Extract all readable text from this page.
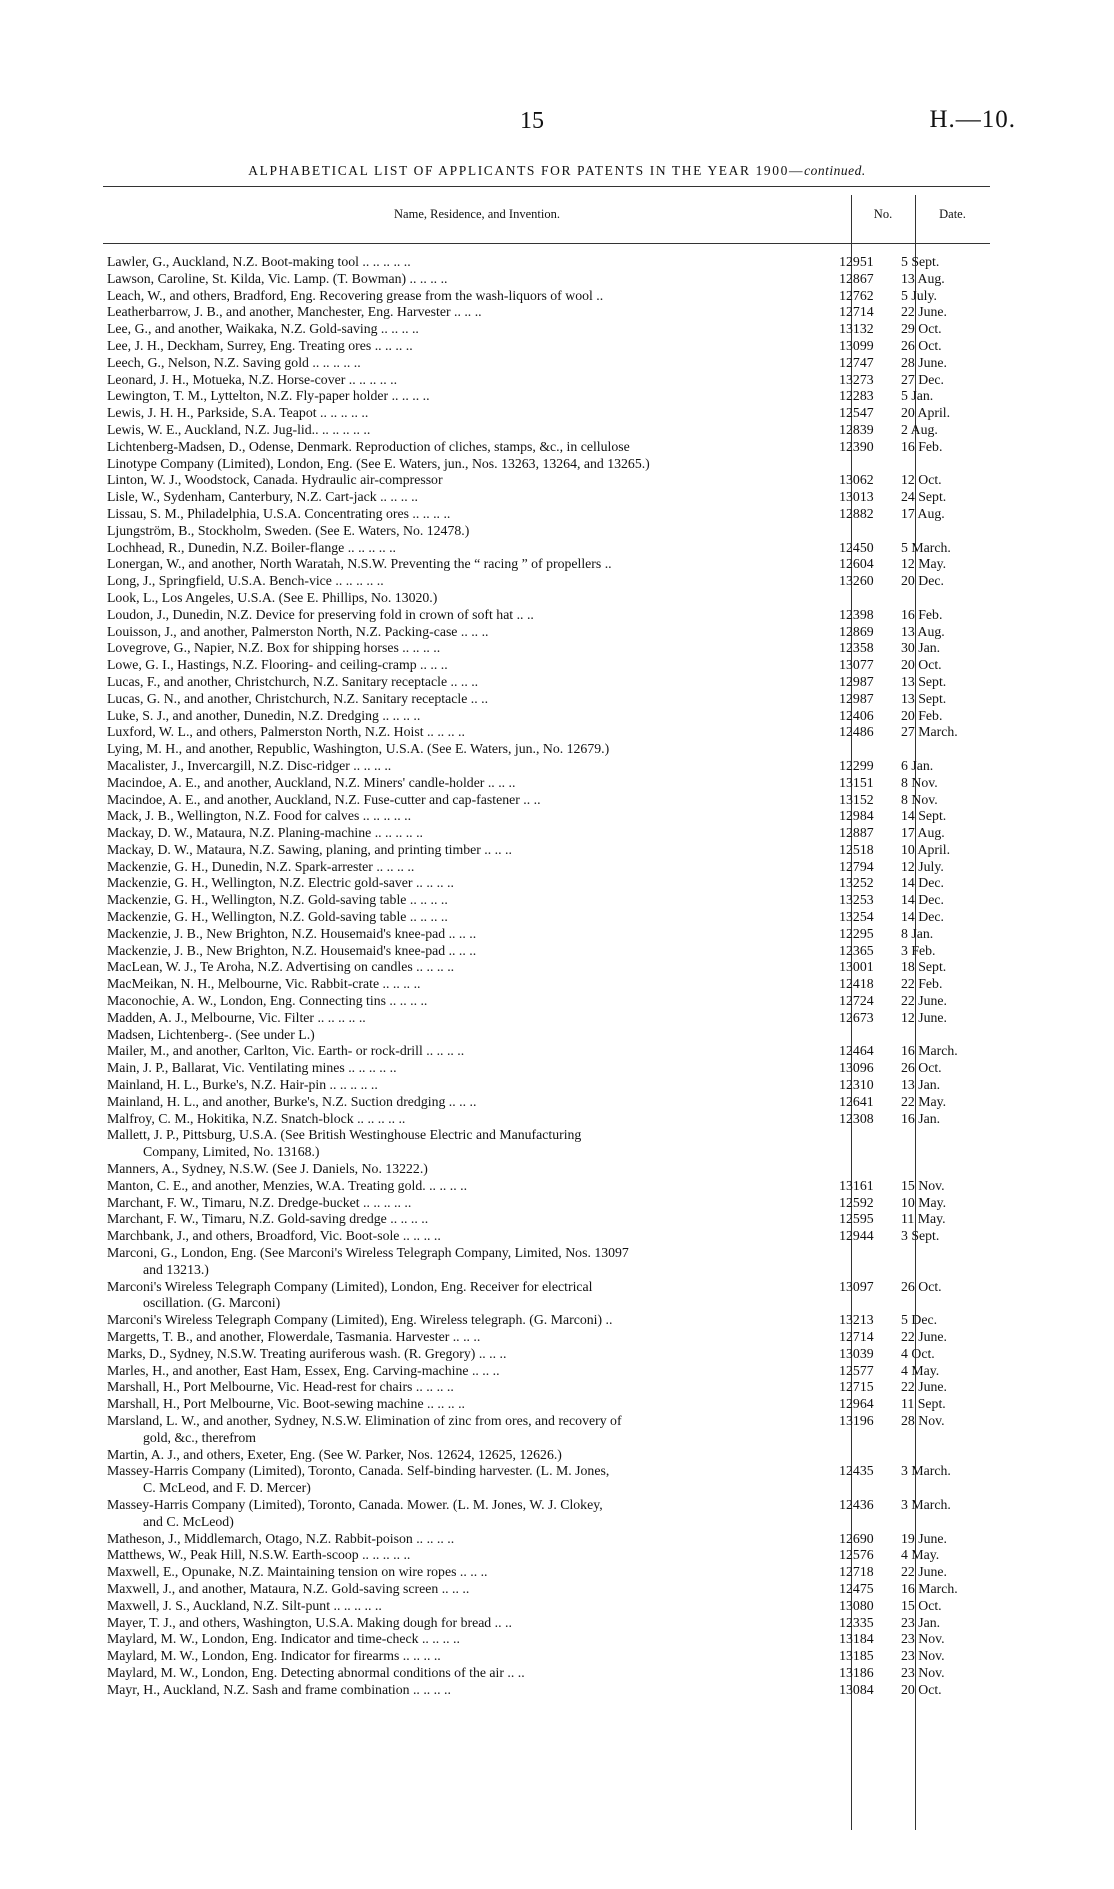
15	H.—10.
ALPHABETICAL LIST OF APPLICANTS FOR PATENTS IN THE YEAR 1900—continued.
Name, Residence, and Invention.	No.	Date.
Lawler, G., Auckland, N.Z. Boot-making tool .. .. .. .. ..	12951	5 Sept.
Lawson, Caroline, St. Kilda, Vic. Lamp. (T. Bowman) .. .. .. ..	12867	13 Aug.
Leach, W., and others, Bradford, Eng. Recovering grease from the wash-liquors of wool ..	12762	5 July.
Leatherbarrow, J. B., and another, Manchester, Eng. Harvester .. .. ..	12714	22 June.
Lee, G., and another, Waikaka, N.Z. Gold-saving .. .. .. ..	13132	29 Oct.
Lee, J. H., Deckham, Surrey, Eng. Treating ores .. .. .. ..	13099	26 Oct.
Leech, G., Nelson, N.Z. Saving gold .. .. .. .. ..	12747	28 June.
Leonard, J. H., Motueka, N.Z. Horse-cover .. .. .. .. ..	13273	27 Dec.
Lewington, T. M., Lyttelton, N.Z. Fly-paper holder .. .. .. ..	12283	5 Jan.
Lewis, J. H. H., Parkside, S.A. Teapot .. .. .. .. ..	12547	20 April.
Lewis, W. E., Auckland, N.Z. Jug-lid.. .. .. .. .. ..	12839	2 Aug.
Lichtenberg-Madsen, D., Odense, Denmark. Reproduction of cliches, stamps, &c., in cellulose	12390	16 Feb.
Linotype Company (Limited), London, Eng. (See E. Waters, jun., Nos. 13263, 13264, and 13265.)
Linton, W. J., Woodstock, Canada. Hydraulic air-compressor	13062	12 Oct.
Lisle, W., Sydenham, Canterbury, N.Z. Cart-jack .. .. .. ..	13013	24 Sept.
Lissau, S. M., Philadelphia, U.S.A. Concentrating ores .. .. .. ..	12882	17 Aug.
Ljungström, B., Stockholm, Sweden. (See E. Waters, No. 12478.)
Lochhead, R., Dunedin, N.Z. Boiler-flange .. .. .. .. ..	12450	5 March.
Lonergan, W., and another, North Waratah, N.S.W. Preventing the “ racing ” of propellers ..	12604	12 May.
Long, J., Springfield, U.S.A. Bench-vice .. .. .. .. ..	13260	20 Dec.
Look, L., Los Angeles, U.S.A. (See E. Phillips, No. 13020.)
Loudon, J., Dunedin, N.Z. Device for preserving fold in crown of soft hat .. ..	12398	16 Feb.
Louisson, J., and another, Palmerston North, N.Z. Packing-case .. .. ..	12869	13 Aug.
Lovegrove, G., Napier, N.Z. Box for shipping horses .. .. .. ..	12358	30 Jan.
Lowe, G. I., Hastings, N.Z. Flooring- and ceiling-cramp .. .. ..	13077	20 Oct.
Lucas, F., and another, Christchurch, N.Z. Sanitary receptacle .. .. ..	12987	13 Sept.
Lucas, G. N., and another, Christchurch, N.Z. Sanitary receptacle .. ..	12987	13 Sept.
Luke, S. J., and another, Dunedin, N.Z. Dredging .. .. .. ..	12406	20 Feb.
Luxford, W. L., and others, Palmerston North, N.Z. Hoist .. .. .. ..	12486	27 March.
Lying, M. H., and another, Republic, Washington, U.S.A. (See E. Waters, jun., No. 12679.)
Macalister, J., Invercargill, N.Z. Disc-ridger .. .. .. ..	12299	6 Jan.
Macindoe, A. E., and another, Auckland, N.Z. Miners' candle-holder .. .. ..	13151	8 Nov.
Macindoe, A. E., and another, Auckland, N.Z. Fuse-cutter and cap-fastener .. ..	13152	8 Nov.
Mack, J. B., Wellington, N.Z. Food for calves .. .. .. .. ..	12984	14 Sept.
Mackay, D. W., Mataura, N.Z. Planing-machine .. .. .. .. ..	12887	17 Aug.
Mackay, D. W., Mataura, N.Z. Sawing, planing, and printing timber .. .. ..	12518	10 April.
Mackenzie, G. H., Dunedin, N.Z. Spark-arrester .. .. .. ..	12794	12 July.
Mackenzie, G. H., Wellington, N.Z. Electric gold-saver .. .. .. ..	13252	14 Dec.
Mackenzie, G. H., Wellington, N.Z. Gold-saving table .. .. .. ..	13253	14 Dec.
Mackenzie, G. H., Wellington, N.Z. Gold-saving table .. .. .. ..	13254	14 Dec.
Mackenzie, J. B., New Brighton, N.Z. Housemaid's knee-pad .. .. ..	12295	8 Jan.
Mackenzie, J. B., New Brighton, N.Z. Housemaid's knee-pad .. .. ..	12365	3 Feb.
MacLean, W. J., Te Aroha, N.Z. Advertising on candles .. .. .. ..	13001	18 Sept.
MacMeikan, N. H., Melbourne, Vic. Rabbit-crate .. .. .. ..	12418	22 Feb.
Maconochie, A. W., London, Eng. Connecting tins .. .. .. ..	12724	22 June.
Madden, A. J., Melbourne, Vic. Filter .. .. .. .. ..	12673	12 June.
Madsen, Lichtenberg-. (See under L.)
Mailer, M., and another, Carlton, Vic. Earth- or rock-drill .. .. .. ..	12464	16 March.
Main, J. P., Ballarat, Vic. Ventilating mines .. .. .. .. ..	13096	26 Oct.
Mainland, H. L., Burke's, N.Z. Hair-pin .. .. .. .. ..	12310	13 Jan.
Mainland, H. L., and another, Burke's, N.Z. Suction dredging .. .. ..	12641	22 May.
Malfroy, C. M., Hokitika, N.Z. Snatch-block .. .. .. .. ..	12308	16 Jan.
Mallett, J. P., Pittsburg, U.S.A. (See British Westinghouse Electric and Manufacturing
Company, Limited, No. 13168.)
Manners, A., Sydney, N.S.W. (See J. Daniels, No. 13222.)
Manton, C. E., and another, Menzies, W.A. Treating gold. .. .. .. ..	13161	15 Nov.
Marchant, F. W., Timaru, N.Z. Dredge-bucket .. .. .. .. ..	12592	10 May.
Marchant, F. W., Timaru, N.Z. Gold-saving dredge .. .. .. ..	12595	11 May.
Marchbank, J., and others, Broadford, Vic. Boot-sole .. .. .. ..	12944	3 Sept.
Marconi, G., London, Eng. (See Marconi's Wireless Telegraph Company, Limited, Nos. 13097
and 13213.)
Marconi's Wireless Telegraph Company (Limited), London, Eng. Receiver for electrical	13097	26 Oct.
oscillation. (G. Marconi)
Marconi's Wireless Telegraph Company (Limited), Eng. Wireless telegraph. (G. Marconi) ..	13213	5 Dec.
Margetts, T. B., and another, Flowerdale, Tasmania. Harvester .. .. ..	12714	22 June.
Marks, D., Sydney, N.S.W. Treating auriferous wash. (R. Gregory) .. .. ..	13039	4 Oct.
Marles, H., and another, East Ham, Essex, Eng. Carving-machine .. .. ..	12577	4 May.
Marshall, H., Port Melbourne, Vic. Head-rest for chairs .. .. .. ..	12715	22 June.
Marshall, H., Port Melbourne, Vic. Boot-sewing machine .. .. .. ..	12964	11 Sept.
Marsland, L. W., and another, Sydney, N.S.W. Elimination of zinc from ores, and recovery of	13196	28 Nov.
gold, &c., therefrom
Martin, A. J., and others, Exeter, Eng. (See W. Parker, Nos. 12624, 12625, 12626.)
Massey-Harris Company (Limited), Toronto, Canada. Self-binding harvester. (L. M. Jones,	12435	3 March.
C. McLeod, and F. D. Mercer)
Massey-Harris Company (Limited), Toronto, Canada. Mower. (L. M. Jones, W. J. Clokey,	12436	3 March.
and C. McLeod)
Matheson, J., Middlemarch, Otago, N.Z. Rabbit-poison .. .. .. ..	12690	19 June.
Matthews, W., Peak Hill, N.S.W. Earth-scoop .. .. .. .. ..	12576	4 May.
Maxwell, E., Opunake, N.Z. Maintaining tension on wire ropes .. .. ..	12718	22 June.
Maxwell, J., and another, Mataura, N.Z. Gold-saving screen .. .. ..	12475	16 March.
Maxwell, J. S., Auckland, N.Z. Silt-punt .. .. .. .. ..	13080	15 Oct.
Mayer, T. J., and others, Washington, U.S.A. Making dough for bread .. ..	12335	23 Jan.
Maylard, M. W., London, Eng. Indicator and time-check .. .. .. ..	13184	23 Nov.
Maylard, M. W., London, Eng. Indicator for firearms .. .. .. ..	13185	23 Nov.
Maylard, M. W., London, Eng. Detecting abnormal conditions of the air .. ..	13186	23 Nov.
Mayr, H., Auckland, N.Z. Sash and frame combination .. .. .. ..	13084	20 Oct.
